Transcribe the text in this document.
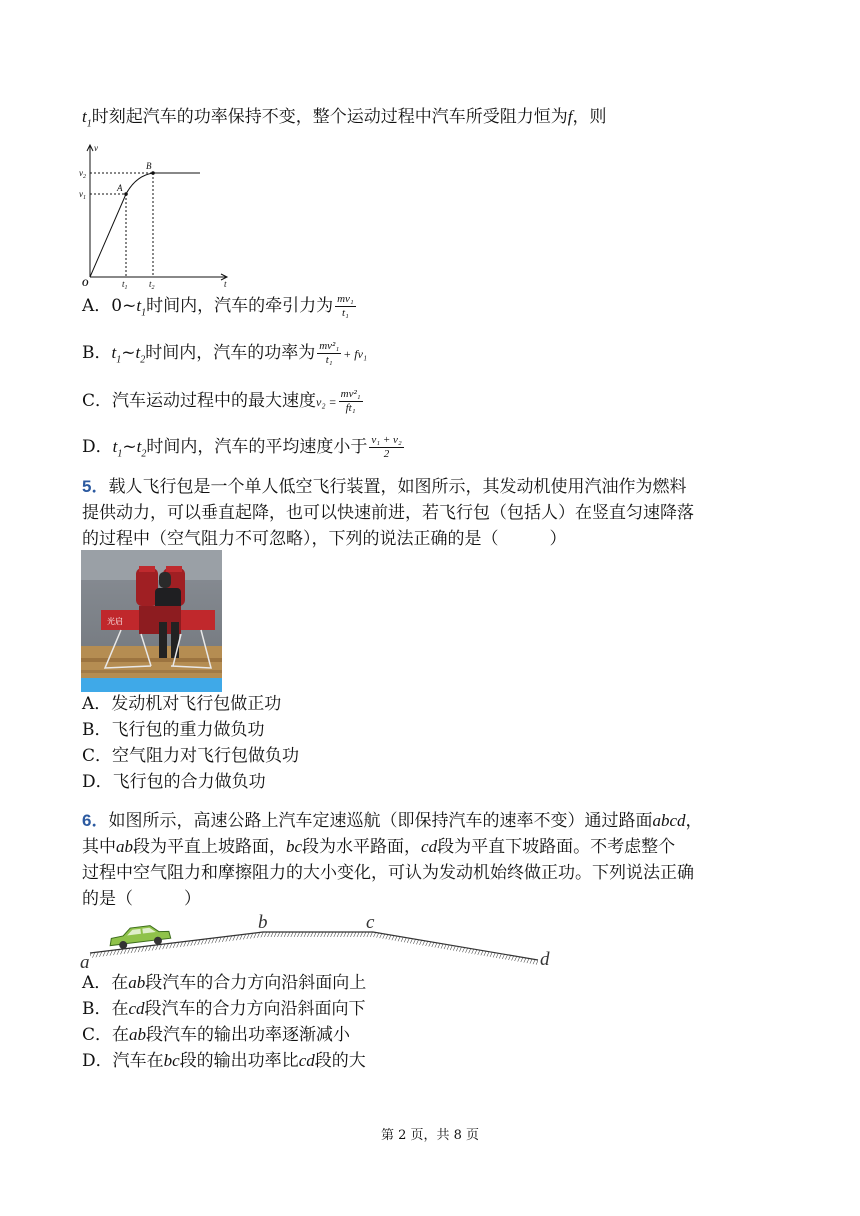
$t_1$时刻起汽车的功率保持不变，整个运动过程中汽车所受阻力恒为f，则
v
t
O
A
B
$v_2$
$v_1$
$t_1$ $t_2$
A．$0\sim t_1$时间内，汽车的牵引力为 $\frac{\text{mv₁}}{\text{t₁}}$
B．$t_1\sim t_2$时间内，汽车的功率为 $\frac{\text{mv²₁}}{\text{t₁}} + fv_1$
C．汽车运动过程中的最大速度$v_2 = \frac{\text{mv²₁}}{\text{ft₁}}$
D．$t_1\sim t_2$时间内，汽车的平均速度小于 $\frac{\text{v₁ + v₂}}{2}$
5．载人飞行包是一个单人低空飞行装置，如图所示，其发动机使用汽油作为燃料
提供动力，可以垂直起降，也可以快速前进，若飞行包（包括人）在竖直匀速降落
的过程中（空气阻力不可忽略），下列的说法正确的是（　　　）
光启
A．发动机对飞行包做正功
B．飞行包的重力做负功
C．空气阻力对飞行包做负功
D．飞行包的合力做负功
6．如图所示，高速公路上汽车定速巡航（即保持汽车的速率不变）通过路面abcd，
其中ab段为平直上坡路面，bc段为水平路面，cd段为平直下坡路面。不考虑整个
过程中空气阻力和摩擦阻力的大小变化，可认为发动机始终做正功。下列说法正确
的是（　　　）
a
b	c
d
A．在ab段汽车的合力方向沿斜面向上
B．在cd段汽车的合力方向沿斜面向下
C．在ab段汽车的输出功率逐渐减小
D．汽车在bc段的输出功率比cd段的大
第 2 页，共 8 页
